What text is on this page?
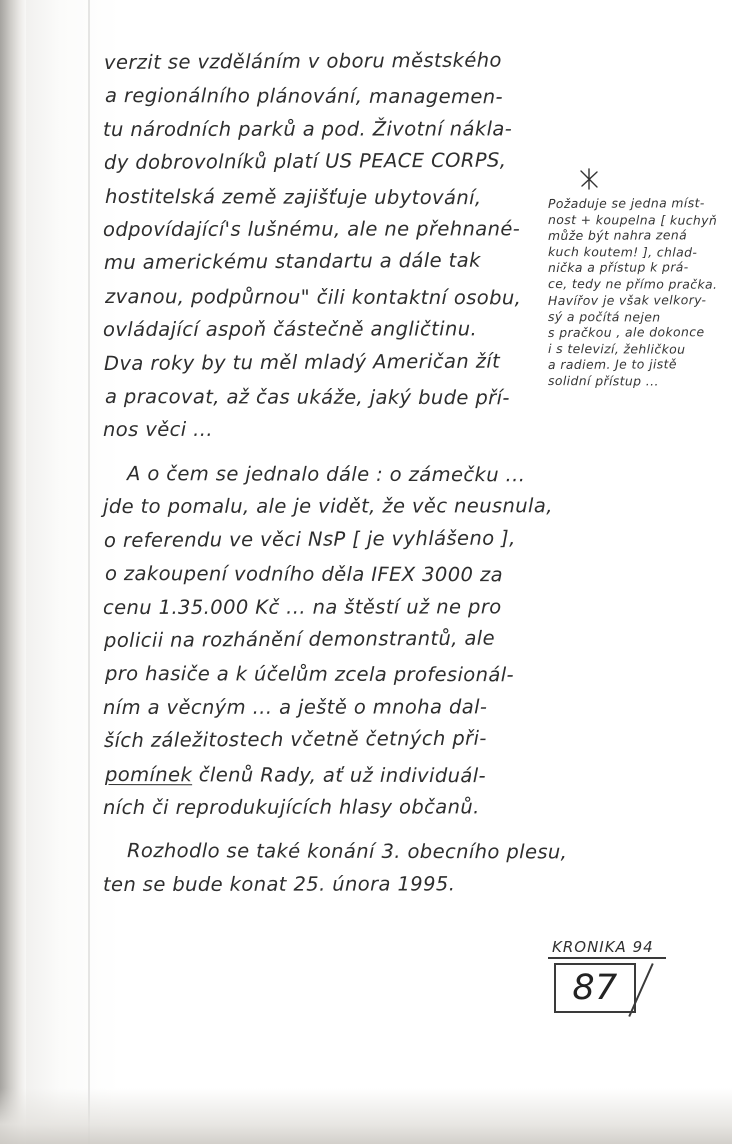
verzit se vzděláním v oboru městského
a regionálního plánování, managemen-
tu národních parků a pod. Životní nákla-
dy dobrovolníků platí US PEACE CORPS,
hostitelská země zajišťuje ubytování,
odpovídající's lušnému, ale ne přehnané-
mu americkému standartu a dále tak
zvanou, podpůrnou" čili kontaktní osobu,
ovládající aspoň částečně angličtinu.
Dva roky by tu měl mladý Američan žít
a pracovat, až čas ukáže, jaký bude pří-
nos věci ...
A o čem se jednalo dále : o zámečku ...
jde to pomalu, ale je vidět, že věc neusnula,
o referendu ve věci NsP [ je vyhlášeno ],
o zakoupení vodního děla IFEX 3000 za
cenu 1.35.000 Kč ... na štěstí už ne pro
policii na rozhánění demonstrantů, ale
pro hasiče a k účelům zcela profesionál-
ním a věcným ... a ještě o mnoha dal-
ších záležitostech včetně četných při-
pomínek členů Rady, ať už individuál-
ních či reprodukujících hlasy občanů.
Rozhodlo se také konání 3. obecního plesu,
ten se bude konat 25. února 1995.
Požaduje se jedna míst-
nost + koupelna [ kuchyň
může být nahra zená
kuch koutem! ], chlad-
nička a přístup k prá-
ce, tedy ne přímo pračka.
Havířov je však velkory-
sý a počítá nejen
s pračkou , ale dokonce
i s televizí, žehličkou
a radiem. Je to jistě
solidní přístup ...
KRONIKA 94
87
